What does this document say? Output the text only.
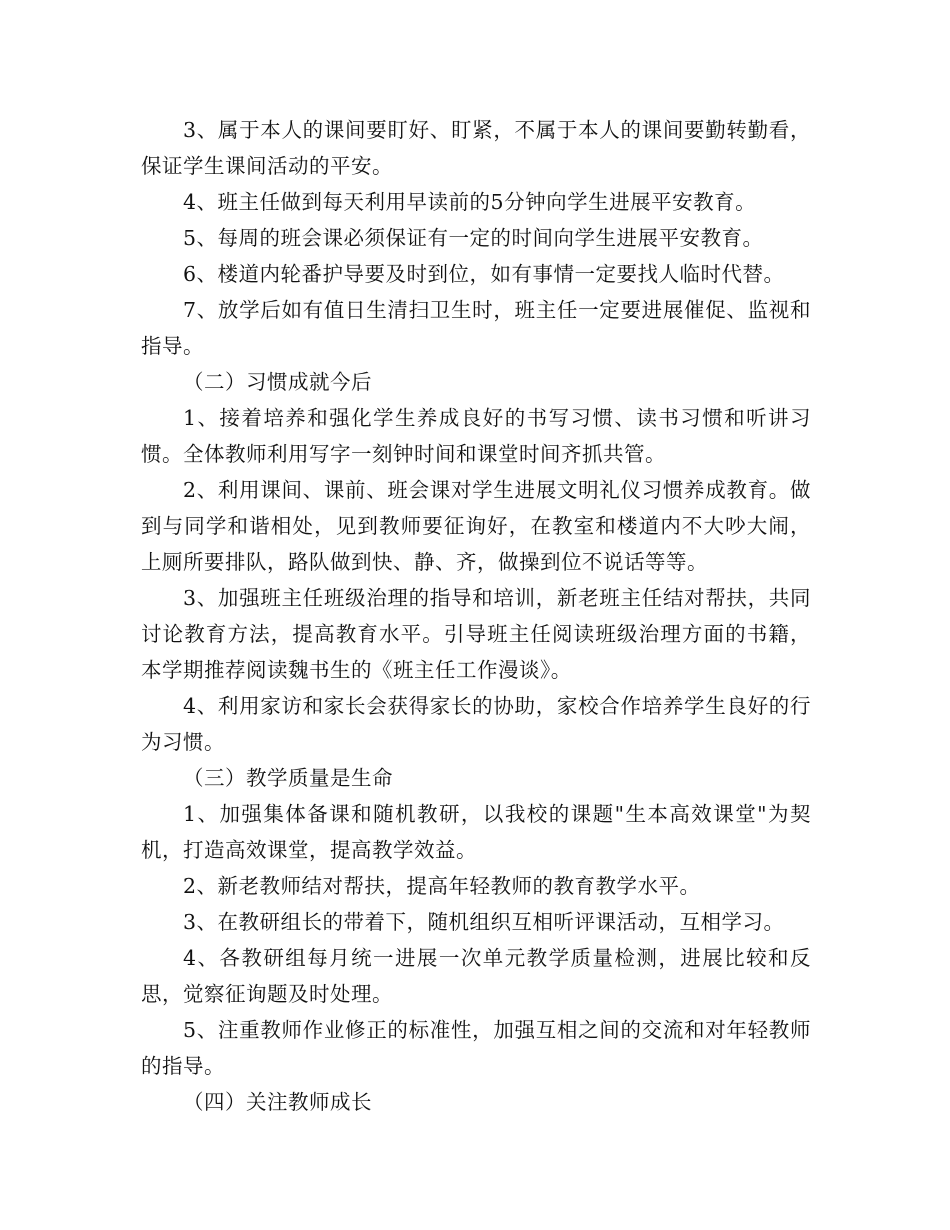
3、属于本人的课间要盯好、盯紧，不属于本人的课间要勤转勤看，保证学生课间活动的平安。

4、班主任做到每天利用早读前的5分钟向学生进展平安教育。

5、每周的班会课必须保证有一定的时间向学生进展平安教育。

6、楼道内轮番护导要及时到位，如有事情一定要找人临时代替。

7、放学后如有值日生清扫卫生时，班主任一定要进展催促、监视和指导。

（二）习惯成就今后

1、接着培养和强化学生养成良好的书写习惯、读书习惯和听讲习惯。全体教师利用写字一刻钟时间和课堂时间齐抓共管。

2、利用课间、课前、班会课对学生进展文明礼仪习惯养成教育。做到与同学和谐相处，见到教师要征询好，在教室和楼道内不大吵大闹，上厕所要排队，路队做到快、静、齐，做操到位不说话等等。

3、加强班主任班级治理的指导和培训，新老班主任结对帮扶，共同讨论教育方法，提高教育水平。引导班主任阅读班级治理方面的书籍，本学期推荐阅读魏书生的《班主任工作漫谈》。

4、利用家访和家长会获得家长的协助，家校合作培养学生良好的行为习惯。

（三）教学质量是生命

1、加强集体备课和随机教研，以我校的课题"生本高效课堂"为契机，打造高效课堂，提高教学效益。

2、新老教师结对帮扶，提高年轻教师的教育教学水平。

3、在教研组长的带着下，随机组织互相听评课活动，互相学习。

4、各教研组每月统一进展一次单元教学质量检测，进展比较和反思，觉察征询题及时处理。

5、注重教师作业修正的标准性，加强互相之间的交流和对年轻教师的指导。

（四）关注教师成长
